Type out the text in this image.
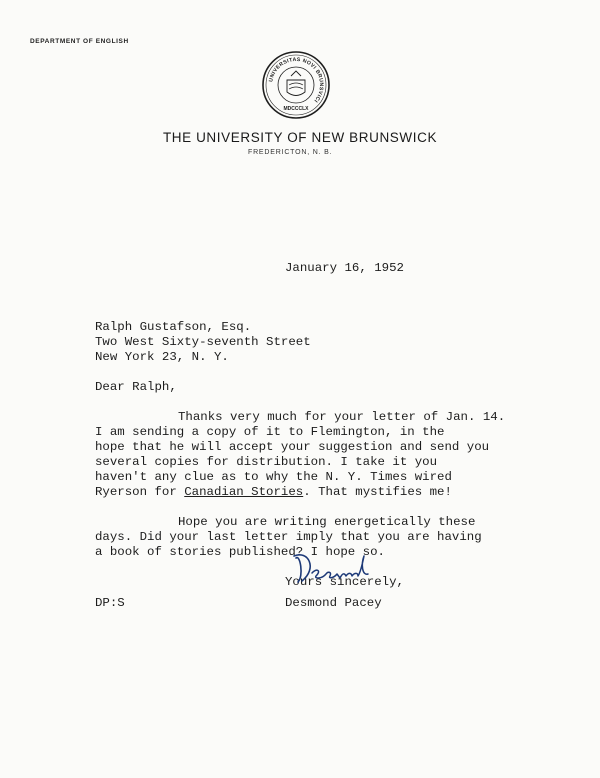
DEPARTMENT OF ENGLISH
UNIVERSITAS NOVI BRUNSVICI
MDCCCLX
THE UNIVERSITY OF NEW BRUNSWICK
FREDERICTON, N. B.
January 16, 1952
Ralph Gustafson, Esq.
Two West Sixty-seventh Street
New York 23, N. Y.
Dear Ralph,
Thanks very much for your letter of Jan. 14.
I am sending a copy of it to Flemington, in the
hope that he will accept your suggestion and send you
several copies for distribution. I take it you
haven't any clue as to why the N. Y. Times wired
Ryerson for Canadian Stories. That mystifies me!
Hope you are writing energetically these
days. Did your last letter imply that you are having
a book of stories published? I hope so.
Yours sincerely,
DP:S	Desmond Pacey
